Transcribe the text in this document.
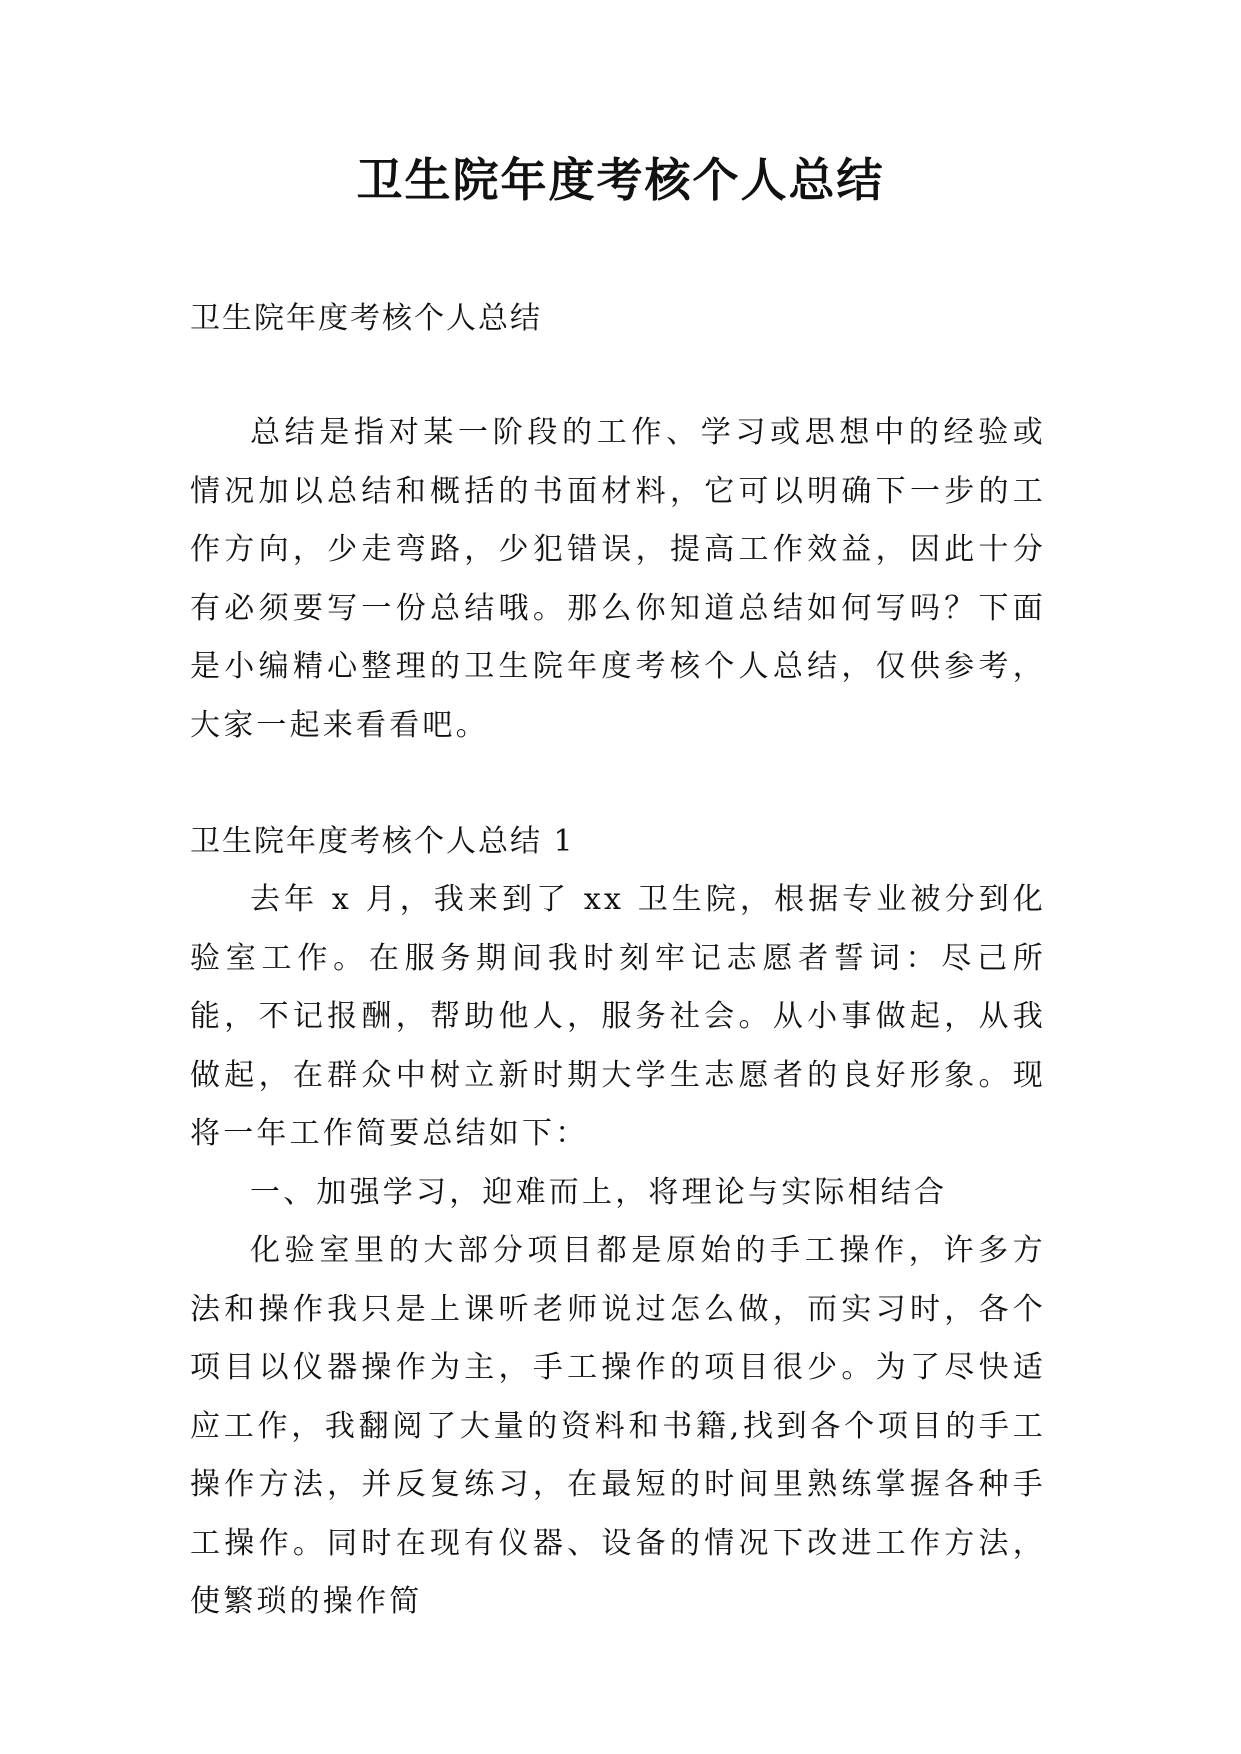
卫生院年度考核个人总结
卫生院年度考核个人总结

总结是指对某一阶段的工作、学习或思想中的经验或情况加以总结和概括的书面材料，它可以明确下一步的工作方向，少走弯路，少犯错误，提高工作效益，因此十分有必须要写一份总结哦。那么你知道总结如何写吗？下面是小编精心整理的卫生院年度考核个人总结，仅供参考，大家一起来看看吧。

卫生院年度考核个人总结 1

去年 x 月，我来到了 xx 卫生院，根据专业被分到化验室工作。在服务期间我时刻牢记志愿者誓词：尽己所能，不记报酬，帮助他人，服务社会。从小事做起，从我做起，在群众中树立新时期大学生志愿者的良好形象。现将一年工作简要总结如下：

一、加强学习，迎难而上，将理论与实际相结合

化验室里的大部分项目都是原始的手工操作，许多方法和操作我只是上课听老师说过怎么做，而实习时，各个项目以仪器操作为主，手工操作的项目很少。为了尽快适应工作，我翻阅了大量的资料和书籍,找到各个项目的手工操作方法，并反复练习，在最短的时间里熟练掌握各种手工操作。同时在现有仪器、设备的情况下改进工作方法，使繁琐的操作简
